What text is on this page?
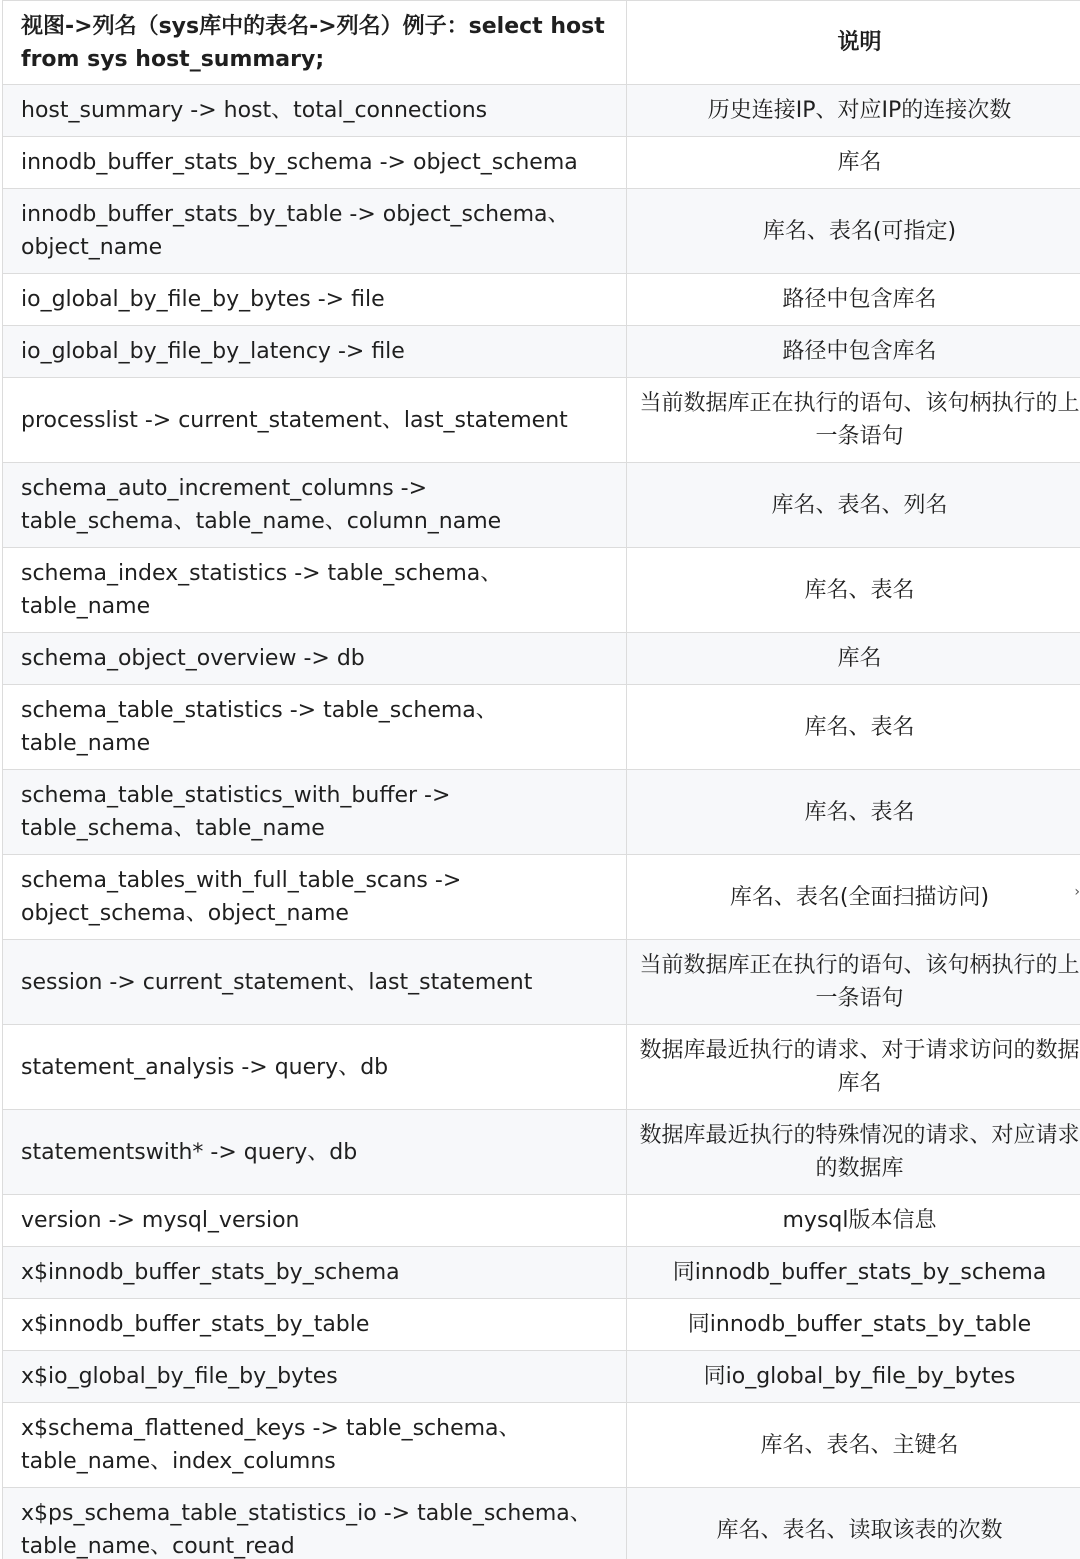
视图->列名（sys库中的表名->列名）例子：select host from sys host_summary;	说明
host_summary -> host、total_connections	历史连接IP、对应IP的连接次数
innodb_buffer_stats_by_schema -> object_schema	库名
innodb_buffer_stats_by_table -> object_schema、object_name	库名、表名(可指定)
io_global_by_file_by_bytes -> file	路径中包含库名
io_global_by_file_by_latency -> file	路径中包含库名
processlist -> current_statement、last_statement	当前数据库正在执行的语句、该句柄执行的上一条语句
schema_auto_increment_columns -> table_schema、table_name、column_name	库名、表名、列名
schema_index_statistics -> table_schema、table_name	库名、表名
schema_object_overview -> db	库名
schema_table_statistics -> table_schema、table_name	库名、表名
schema_table_statistics_with_buffer -> table_schema、table_name	库名、表名
schema_tables_with_full_table_scans -> object_schema、object_name	库名、表名(全面扫描访问)
session -> current_statement、last_statement	当前数据库正在执行的语句、该句柄执行的上一条语句
statement_analysis -> query、db	数据库最近执行的请求、对于请求访问的数据库名
statementswith* -> query、db	数据库最近执行的特殊情况的请求、对应请求的数据库
version -> mysql_version	mysql版本信息
x$innodb_buffer_stats_by_schema	同innodb_buffer_stats_by_schema
x$innodb_buffer_stats_by_table	同innodb_buffer_stats_by_table
x$io_global_by_file_by_bytes	同io_global_by_file_by_bytes
x$schema_flattened_keys -> table_schema、table_name、index_columns	库名、表名、主键名
x$ps_schema_table_statistics_io -> table_schema、table_name、count_read	库名、表名、读取该表的次数
›
